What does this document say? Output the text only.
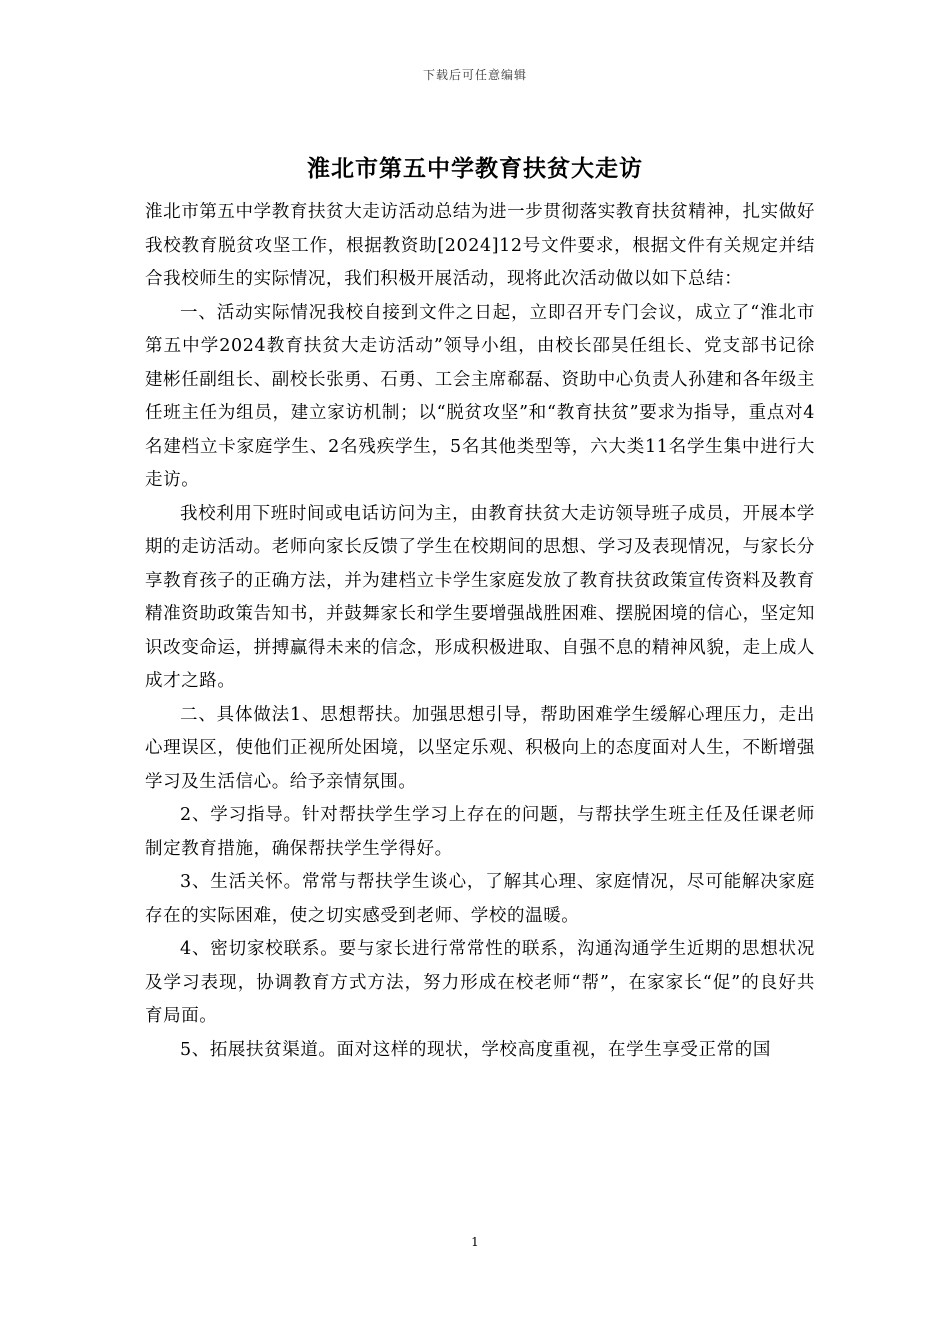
下载后可任意编辑
淮北市第五中学教育扶贫大走访

淮北市第五中学教育扶贫大走访活动总结为进一步贯彻落实教育扶贫精神，扎实做好我校教育脱贫攻坚工作，根据教资助[2024]12号文件要求，根据文件有关规定并结合我校师生的实际情况，我们积极开展活动，现将此次活动做以如下总结：

一、活动实际情况我校自接到文件之日起，立即召开专门会议，成立了“淮北市第五中学2024教育扶贫大走访活动”领导小组，由校长邵昊任组长、党支部书记徐建彬任副组长、副校长张勇、石勇、工会主席郗磊、资助中心负责人孙建和各年级主任班主任为组员，建立家访机制；以“脱贫攻坚”和“教育扶贫”要求为指导，重点对4名建档立卡家庭学生、2名残疾学生，5名其他类型等，六大类11名学生集中进行大走访。

我校利用下班时间或电话访问为主，由教育扶贫大走访领导班子成员，开展本学期的走访活动。老师向家长反馈了学生在校期间的思想、学习及表现情况，与家长分享教育孩子的正确方法，并为建档立卡学生家庭发放了教育扶贫政策宣传资料及教育精准资助政策告知书，并鼓舞家长和学生要增强战胜困难、摆脱困境的信心，坚定知识改变命运，拼搏赢得未来的信念，形成积极进取、自强不息的精神风貌，走上成人成才之路。

二、具体做法1、思想帮扶。加强思想引导，帮助困难学生缓解心理压力，走出心理误区，使他们正视所处困境，以坚定乐观、积极向上的态度面对人生，不断增强学习及生活信心。给予亲情氛围。

2、学习指导。针对帮扶学生学习上存在的问题，与帮扶学生班主任及任课老师制定教育措施，确保帮扶学生学得好。

3、生活关怀。常常与帮扶学生谈心，了解其心理、家庭情况，尽可能解决家庭存在的实际困难，使之切实感受到老师、学校的温暖。

4、密切家校联系。要与家长进行常常性的联系，沟通沟通学生近期的思想状况及学习表现，协调教育方式方法，努力形成在校老师“帮”，在家家长“促”的良好共育局面。

5、拓展扶贫渠道。面对这样的现状，学校高度重视，在学生享受正常的国

1
